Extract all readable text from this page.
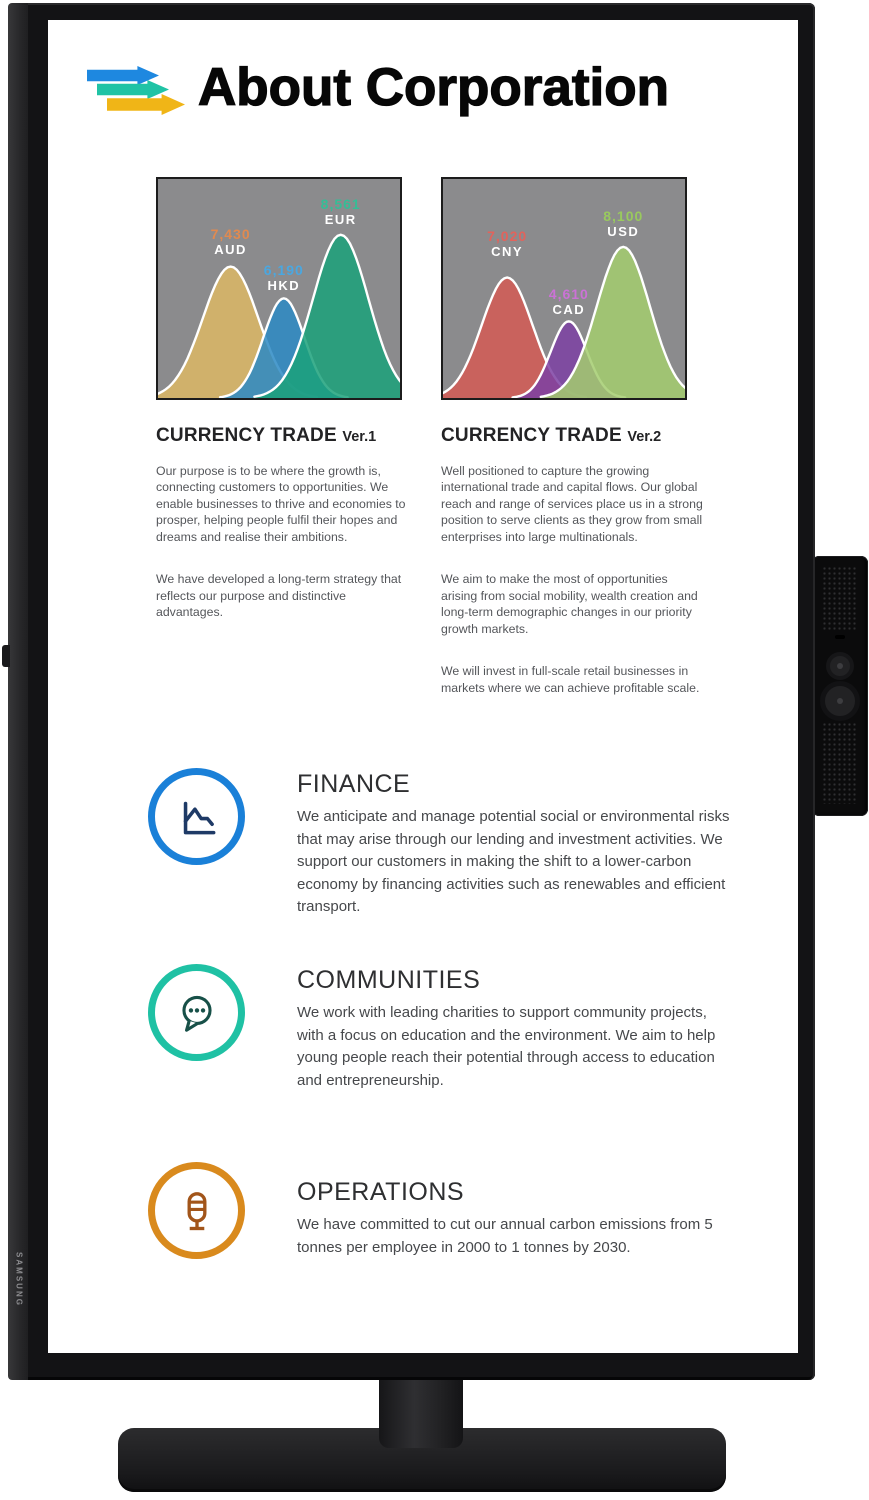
SAMSUNG
About Corporation
7,430
AUD
6,190
HKD
8,561
EUR
7,020
CNY
4,610
CAD
8,100
USD
CURRENCY TRADE Ver.1

Our purpose is to be where the growth is, connecting customers to opportunities. We enable businesses to thrive and economies to prosper, helping people fulfil their hopes and dreams and realise their ambitions.

We have developed a long-term strategy that reflects our purpose and distinctive advantages.

CURRENCY TRADE Ver.2

Well positioned to capture the growing international trade and capital flows. Our global reach and range of services place us in a strong position to serve clients as they grow from small enterprises into large multinationals.

We aim to make the most of opportunities arising from social mobility, wealth creation and long-term demographic changes in our priority growth markets.

We will invest in full-scale retail businesses in markets where we can achieve profitable scale.

FINANCE

We anticipate and manage potential social or environmental risks that may arise through our lending and investment activities. We support our customers in making the shift to a lower-carbon economy by financing activities such as renewables and efficient transport.

COMMUNITIES

We work with leading charities to support community projects, with a focus on education and the environment. We aim to help young people reach their potential through access to education and entrepreneurship.

OPERATIONS

We have committed to cut our annual carbon emissions from 5 tonnes per employee in 2000 to 1 tonnes by 2030.
